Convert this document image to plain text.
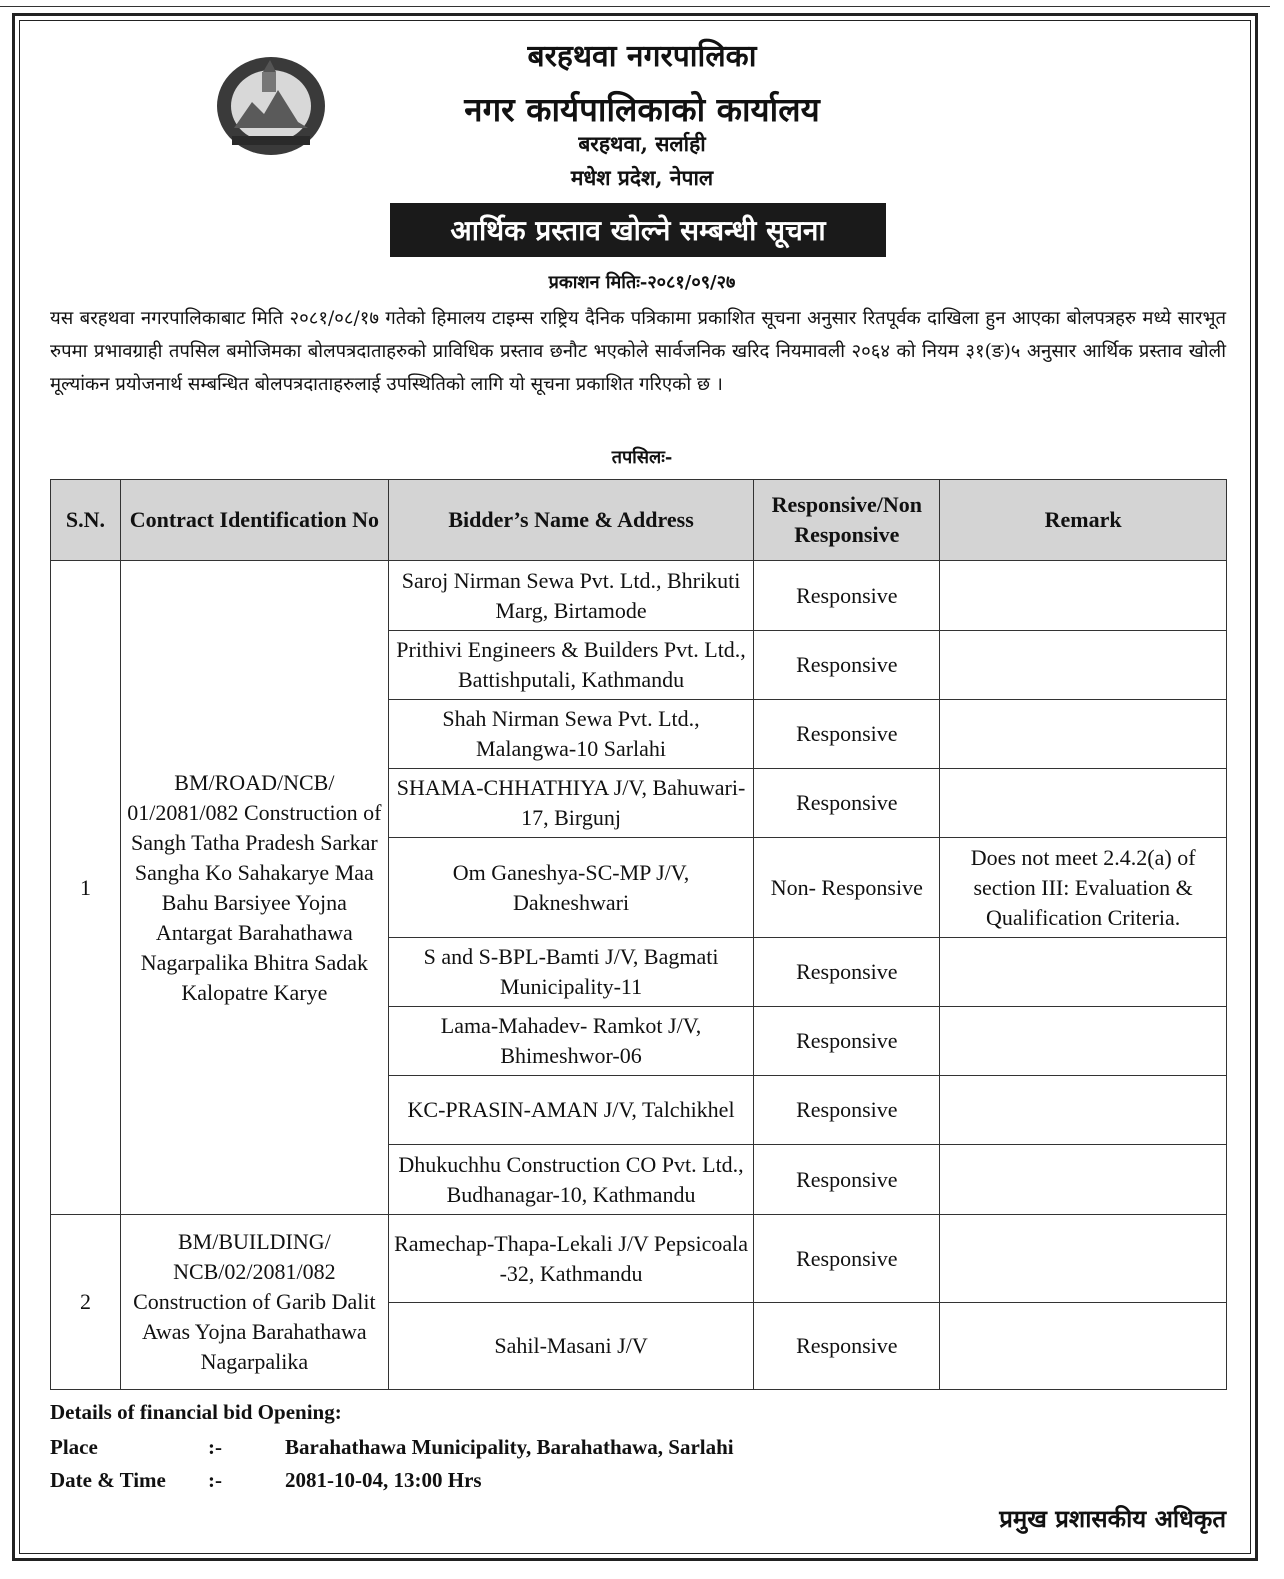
बरहथवा नगरपालिका
नगर कार्यपालिकाको कार्यालय
बरहथवा, सर्लाही
मधेश प्रदेश, नेपाल
आर्थिक प्रस्ताव खोल्ने सम्बन्धी सूचना
प्रकाशन मितिः-२०८१/०९/२७
यस बरहथवा नगरपालिकाबाट मिति २०८१/०८/१७ गतेको हिमालय टाइम्स राष्ट्रिय दैनिक पत्रिकामा प्रकाशित सूचना अनुसार रितपूर्वक दाखिला हुन आएका बोलपत्रहरु मध्ये सारभूत रुपमा प्रभावग्राही तपसिल बमोजिमका बोलपत्रदाताहरुको प्राविधिक प्रस्ताव छनौट भएकोले सार्वजनिक खरिद नियमावली २०६४ को नियम ३१(ङ)५ अनुसार आर्थिक प्रस्ताव खोली मूल्यांकन प्रयोजनार्थ सम्बन्धित बोलपत्रदाताहरुलाई उपस्थितिको लागि यो सूचना प्रकाशित गरिएको छ ।
तपसिलः-
S.N.	Contract Identification No	Bidder’s Name & Address	Responsive/Non Responsive	Remark
1	BM/ROAD/NCB/ 01/2081/082 Construction of Sangh Tatha Pradesh Sarkar Sangha Ko Sahakarye Maa Bahu Barsiyee Yojna Antargat Barahathawa Nagarpalika Bhitra Sadak Kalopatre Karye	Saroj Nirman Sewa Pvt. Ltd., Bhrikuti Marg, Birtamode	Responsive	
		Prithivi Engineers & Builders Pvt. Ltd., Battishputali, Kathmandu	Responsive	
		Shah Nirman Sewa Pvt. Ltd., Malangwa-10 Sarlahi	Responsive	
		SHAMA-CHHATHIYA J/V, Bahuwari-17, Birgunj	Responsive	
		Om Ganeshya-SC-MP J/V, Dakneshwari	Non- Responsive	Does not meet 2.4.2(a) of section III: Evaluation & Qualification Criteria.
		S and S-BPL-Bamti J/V, Bagmati Municipality-11	Responsive	
		Lama-Mahadev- Ramkot J/V, Bhimeshwor-06	Responsive	
		KC-PRASIN-AMAN J/V, Talchikhel	Responsive	
		Dhukuchhu Construction CO Pvt. Ltd., Budhanagar-10, Kathmandu	Responsive	
2	BM/BUILDING/ NCB/02/2081/082 Construction of Garib Dalit Awas Yojna Barahathawa Nagarpalika	Ramechap-Thapa-Lekali J/V Pepsicoala -32, Kathmandu	Responsive	
		Sahil-Masani J/V	Responsive	
Details of financial bid Opening:
Place	:-	Barahathawa Municipality, Barahathawa, Sarlahi
Date & Time	:-	2081-10-04, 13:00 Hrs
प्रमुख प्रशासकीय अधिकृत
